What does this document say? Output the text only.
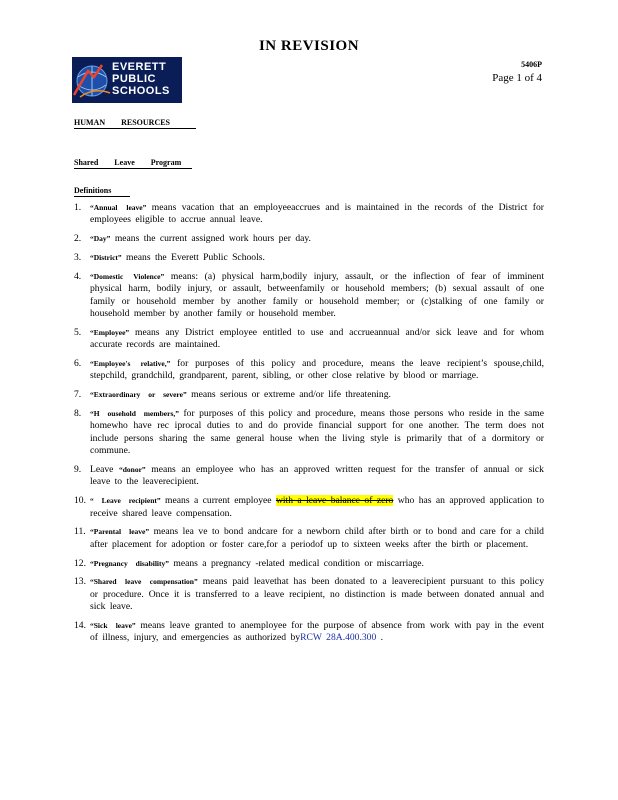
IN REVISION
EVERETT
PUBLIC
SCHOOLS
5406P
Page 1 of 4
HUMAN RESOURCES
Shared Leave Program
Definitions
1. “Annual leave” means vacation that an employeeaccrues and is maintained in the records of the District for employees eligible to accrue annual leave.
2. “Day” means the current assigned work hours per day.
3. “District” means the Everett Public Schools.
4. “Domestic Violence” means: (a) physical harm,bodily injury, assault, or the inflection of fear of imminent physical harm, bodily injury, or assault, betweenfamily or household members; (b) sexual assault of one family or household member by another family or household member; or (c)stalking of one family or household member by another family or household member.
5. “Employee” means any District employee entitled to use and accrueannual and/or sick leave and for whom accurate records are maintained.
6. “Employee's relative,” for purposes of this policy and procedure, means the leave recipient’s spouse,child, stepchild, grandchild, grandparent, parent, sibling, or other close relative by blood or marriage.
7. “Extraordinary or severe” means serious or extreme and/or life threatening.
8. “H ousehold members,” for purposes of this policy and procedure, means those persons who reside in the same homewho have rec iprocal duties to and do provide financial support for one another. The term does not include persons sharing the same general house when the living style is primarily that of a dormitory or commune.
9. Leave “donor” means an employee who has an approved written request for the transfer of annual or sick leave to the leaverecipient.
10. “ Leave recipient” means a current employee with a leave balance of zero who has an approved application to receive shared leave compensation.
11. “Parental leave” means lea ve to bond andcare for a newborn child after birth or to bond and care for a child after placement for adoption or foster care,for a periodof up to sixteen weeks after the birth or placement.
12. “Pregnancy disability” means a pregnancy -related medical condition or miscarriage.
13. “Shared leave compensation” means paid leavethat has been donated to a leaverecipient pursuant to this policy or procedure. Once it is transferred to a leave recipient, no distinction is made between donated annual and sick leave.
14. “Sick leave” means leave granted to anemployee for the purpose of absence from work with pay in the event of illness, injury, and emergencies as authorized byRCW 28A.400.300 .
